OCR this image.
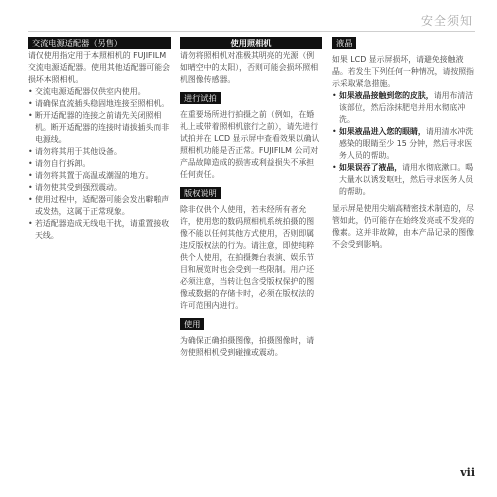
安全须知
交流电源适配器（另售）

请仅使用指定用于本照相机的 FUJIFILM 交流电源适配器。使用其他适配器可能会损坏本照相机。

• 交流电源适配器仅供室内使用。
• 请确保直流插头稳固地连接至照相机。
• 断开适配器的连接之前请先关闭照相机。断开适配器的连接时请拔插头而非电源线。
• 请勿将其用于其他设备。
• 请勿自行拆卸。
• 请勿将其置于高温或潮湿的地方。
• 请勿使其受到强烈震动。
• 使用过程中，适配器可能会发出噼啪声或发热，这属于正常现象。
• 若适配器造成无线电干扰，请重置接收天线。
使用照相机

请勿将照相机对准极其明亮的光源（例如晴空中的太阳），否则可能会损坏照相机图像传感器。

进行试拍

在重要场所进行拍摄之前（例如，在婚礼上或带着照相机旅行之前），请先进行试拍并在 LCD 显示屏中查看效果以确认照相机功能是否正常。FUJIFILM 公司对产品故障造成的损害或利益损失不承担任何责任。

版权说明

除非仅供个人使用，若未经所有者允许，使用您的数码照相机系统拍摄的图像不能以任何其他方式使用，否则即属违反版权法的行为。请注意，即使纯粹供个人使用，在拍摄舞台表演、娱乐节目和展览时也会受到一些限制。用户还必须注意，当转让包含受版权保护的图像或数据的存储卡时，必须在版权法的许可范围内进行。

使用

为确保正确拍摄图像，拍摄图像时，请勿使照相机受到碰撞或震动。

液晶

如果 LCD 显示屏损坏，请避免接触液晶。若发生下列任何一种情况，请按照指示采取紧急措施。

• 如果液晶接触到您的皮肤，请用布清洁该部位，然后涂抹肥皂并用水彻底冲洗。
• 如果液晶进入您的眼睛，请用清水冲洗感染的眼睛至少 15 分钟，然后寻求医务人员的帮助。
• 如果误吞了液晶，请用水彻底漱口。喝大量水以诱发呕吐，然后寻求医务人员的帮助。

显示屏是使用尖端高精密技术制造的，尽管如此，仍可能存在始终发亮或不发亮的像素。这并非故障，由本产品记录的图像不会受到影响。

vii
